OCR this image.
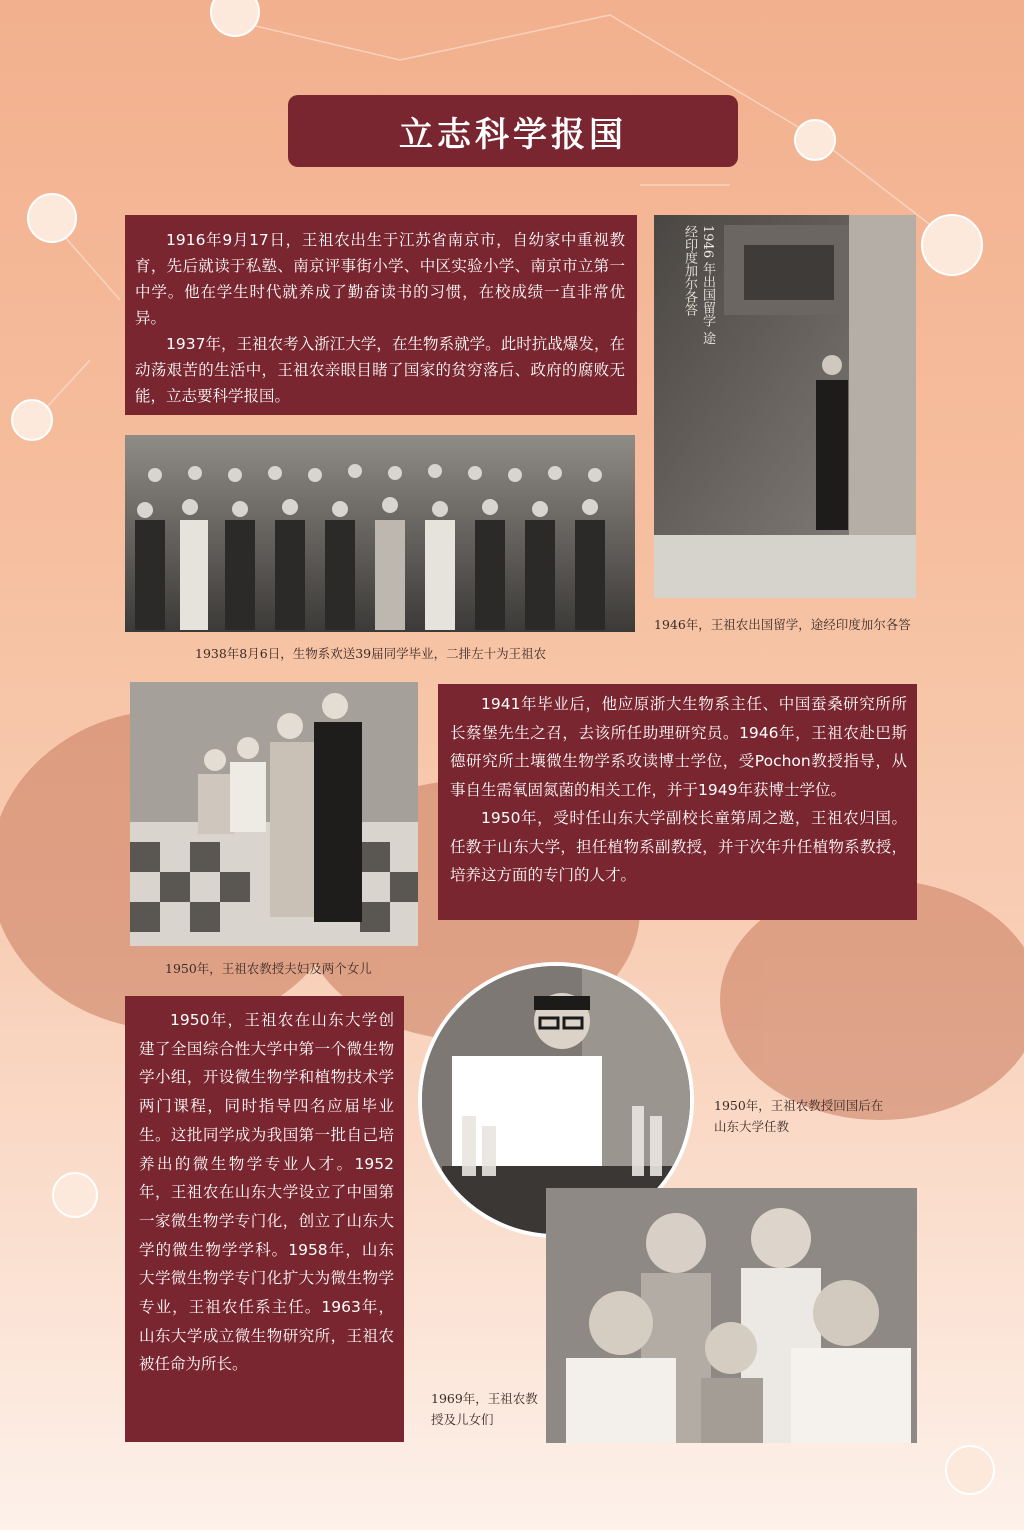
立志科学报国

1916年9月17日，王祖农出生于江苏省南京市，自幼家中重视教育，先后就读于私塾、南京评事街小学、中区实验小学、南京市立第一中学。他在学生时代就养成了勤奋读书的习惯，在校成绩一直非常优异。

1937年，王祖农考入浙江大学，在生物系就学。此时抗战爆发，在动荡艰苦的生活中，王祖农亲眼目睹了国家的贫穷落后、政府的腐败无能，立志要科学报国。

1938年8月6日，生物系欢送39届同学毕业，二排左十为王祖农
1946 年出国留学 途经印度加尔各答
1946年，王祖农出国留学，途经印度加尔各答
1950年，王祖农教授夫妇及两个女儿

1941年毕业后，他应原浙大生物系主任、中国蚕桑研究所所长蔡堡先生之召，去该所任助理研究员。1946年，王祖农赴巴斯德研究所土壤微生物学系攻读博士学位，受Pochon教授指导，从事自生需氧固氮菌的相关工作，并于1949年获博士学位。

1950年，受时任山东大学副校长童第周之邀，王祖农归国。任教于山东大学，担任植物系副教授，并于次年升任植物系教授，培养这方面的专门的人才。

1950年，王祖农在山东大学创建了全国综合性大学中第一个微生物学小组，开设微生物学和植物技术学两门课程，同时指导四名应届毕业生。这批同学成为我国第一批自己培养出的微生物学专业人才。1952年，王祖农在山东大学设立了中国第一家微生物学专门化，创立了山东大学的微生物学学科。1958年，山东大学微生物学专门化扩大为微生物学专业，王祖农任系主任。1963年，山东大学成立微生物研究所，王祖农被任命为所长。

1950年，王祖农教授回国后在山东大学任教
1969年，王祖农教授及儿女们
